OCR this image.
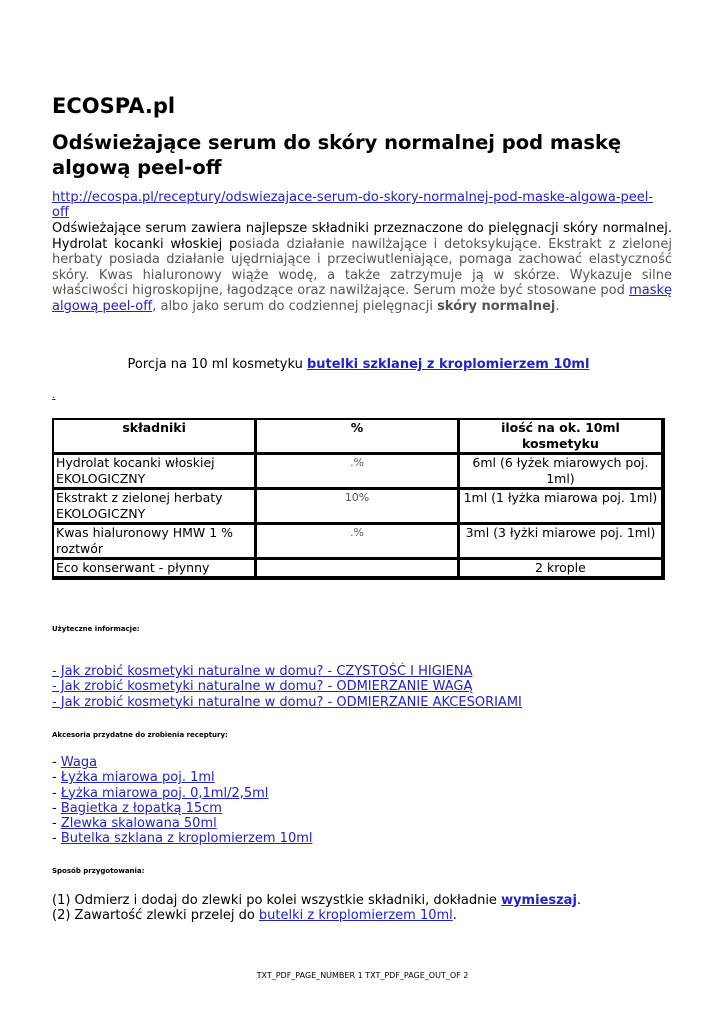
ECOSPA.pl
Odświeżające serum do skóry normalnej pod maskę algową peel-off
http://ecospa.pl/receptury/odswiezajace-serum-do-skory-normalnej-pod-maske-algowa-peel-off
Odświeżające serum zawiera najlepsze składniki przeznaczone do pielęgnacji skóry normalnej. Hydrolat kocanki włoskiej posiada działanie nawilżające i detoksykujące. Ekstrakt z zielonej herbaty posiada działanie ujędrniające i przeciwutleniające, pomaga zachować elastyczność skóry. Kwas hialuronowy wiąże wodę, a także zatrzymuje ją w skórze. Wykazuje silne właściwości higroskopijne, łagodzące oraz nawilżające. Serum może być stosowane pod maskę algową peel-off, albo jako serum do codziennej pielęgnacji skóry normalnej.
Porcja na 10 ml kosmetyku butelki szklanej z kroplomierzem 10ml
.
składniki	%	ilość na ok. 10ml kosmetyku
Hydrolat kocanki włoskiej EKOLOGICZNY	.%	6ml (6 łyżek miarowych poj. 1ml)
Ekstrakt z zielonej herbaty EKOLOGICZNY	10%	1ml (1 łyżka miarowa poj. 1ml)
Kwas hialuronowy HMW 1 % roztwór	.%	3ml (3 łyżki miarowe poj. 1ml)
Eco konserwant - płynny		2 krople
Użyteczne informacje:
- Jak zrobić kosmetyki naturalne w domu? - CZYSTOŚĆ I HIGIENA
- Jak zrobić kosmetyki naturalne w domu? - ODMIERZANIE WAGĄ
- Jak zrobić kosmetyki naturalne w domu? - ODMIERZANIE AKCESORIAMI
Akcesoria przydatne do zrobienia receptury:
- Waga
- Łyżka miarowa poj. 1ml
- Łyżka miarowa poj. 0,1ml/2,5ml
- Bagietka z łopatką 15cm
- Zlewka skalowana 50ml
- Butelka szklana z kroplomierzem 10ml
Sposób przygotowania:
(1) Odmierz i dodaj do zlewki po kolei wszystkie składniki, dokładnie wymieszaj.
(2) Zawartość zlewki przelej do butelki z kroplomierzem 10ml.
TXT_PDF_PAGE_NUMBER 1 TXT_PDF_PAGE_OUT_OF 2
